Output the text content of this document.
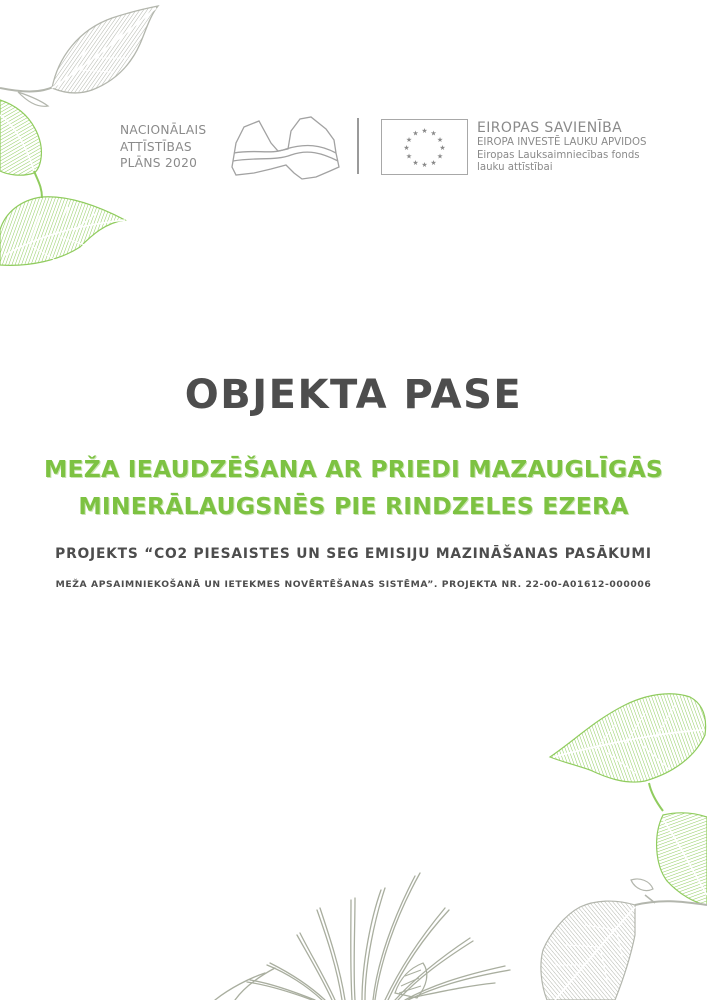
NACIONĀLAIS
ATTĪSTĪBAS
PLĀNS 2020
★ ★
★
★
★
★
★
★
★
★
★
★	EIROPAS SAVIENĪBA
EIROPA INVESTĒ LAUKU APVIDOS
Eiropas Lauksaimniecības fonds
lauku attīstībai
OBJEKTA PASE
MEŽA IEAUDZĒŠANA AR PRIEDI MAZAUGLĪGĀS
MINERĀLAUGSNĒS PIE RINDZELES EZERA
PROJEKTS “CO2 PIESAISTES UN SEG EMISIJU MAZINĀŠANAS PASĀKUMI
MEŽA APSAIMNIEKOŠANĀ UN IETEKMES NOVĒRTĒŠANAS SISTĒMA”. PROJEKTA NR. 22-00-A01612-000006
